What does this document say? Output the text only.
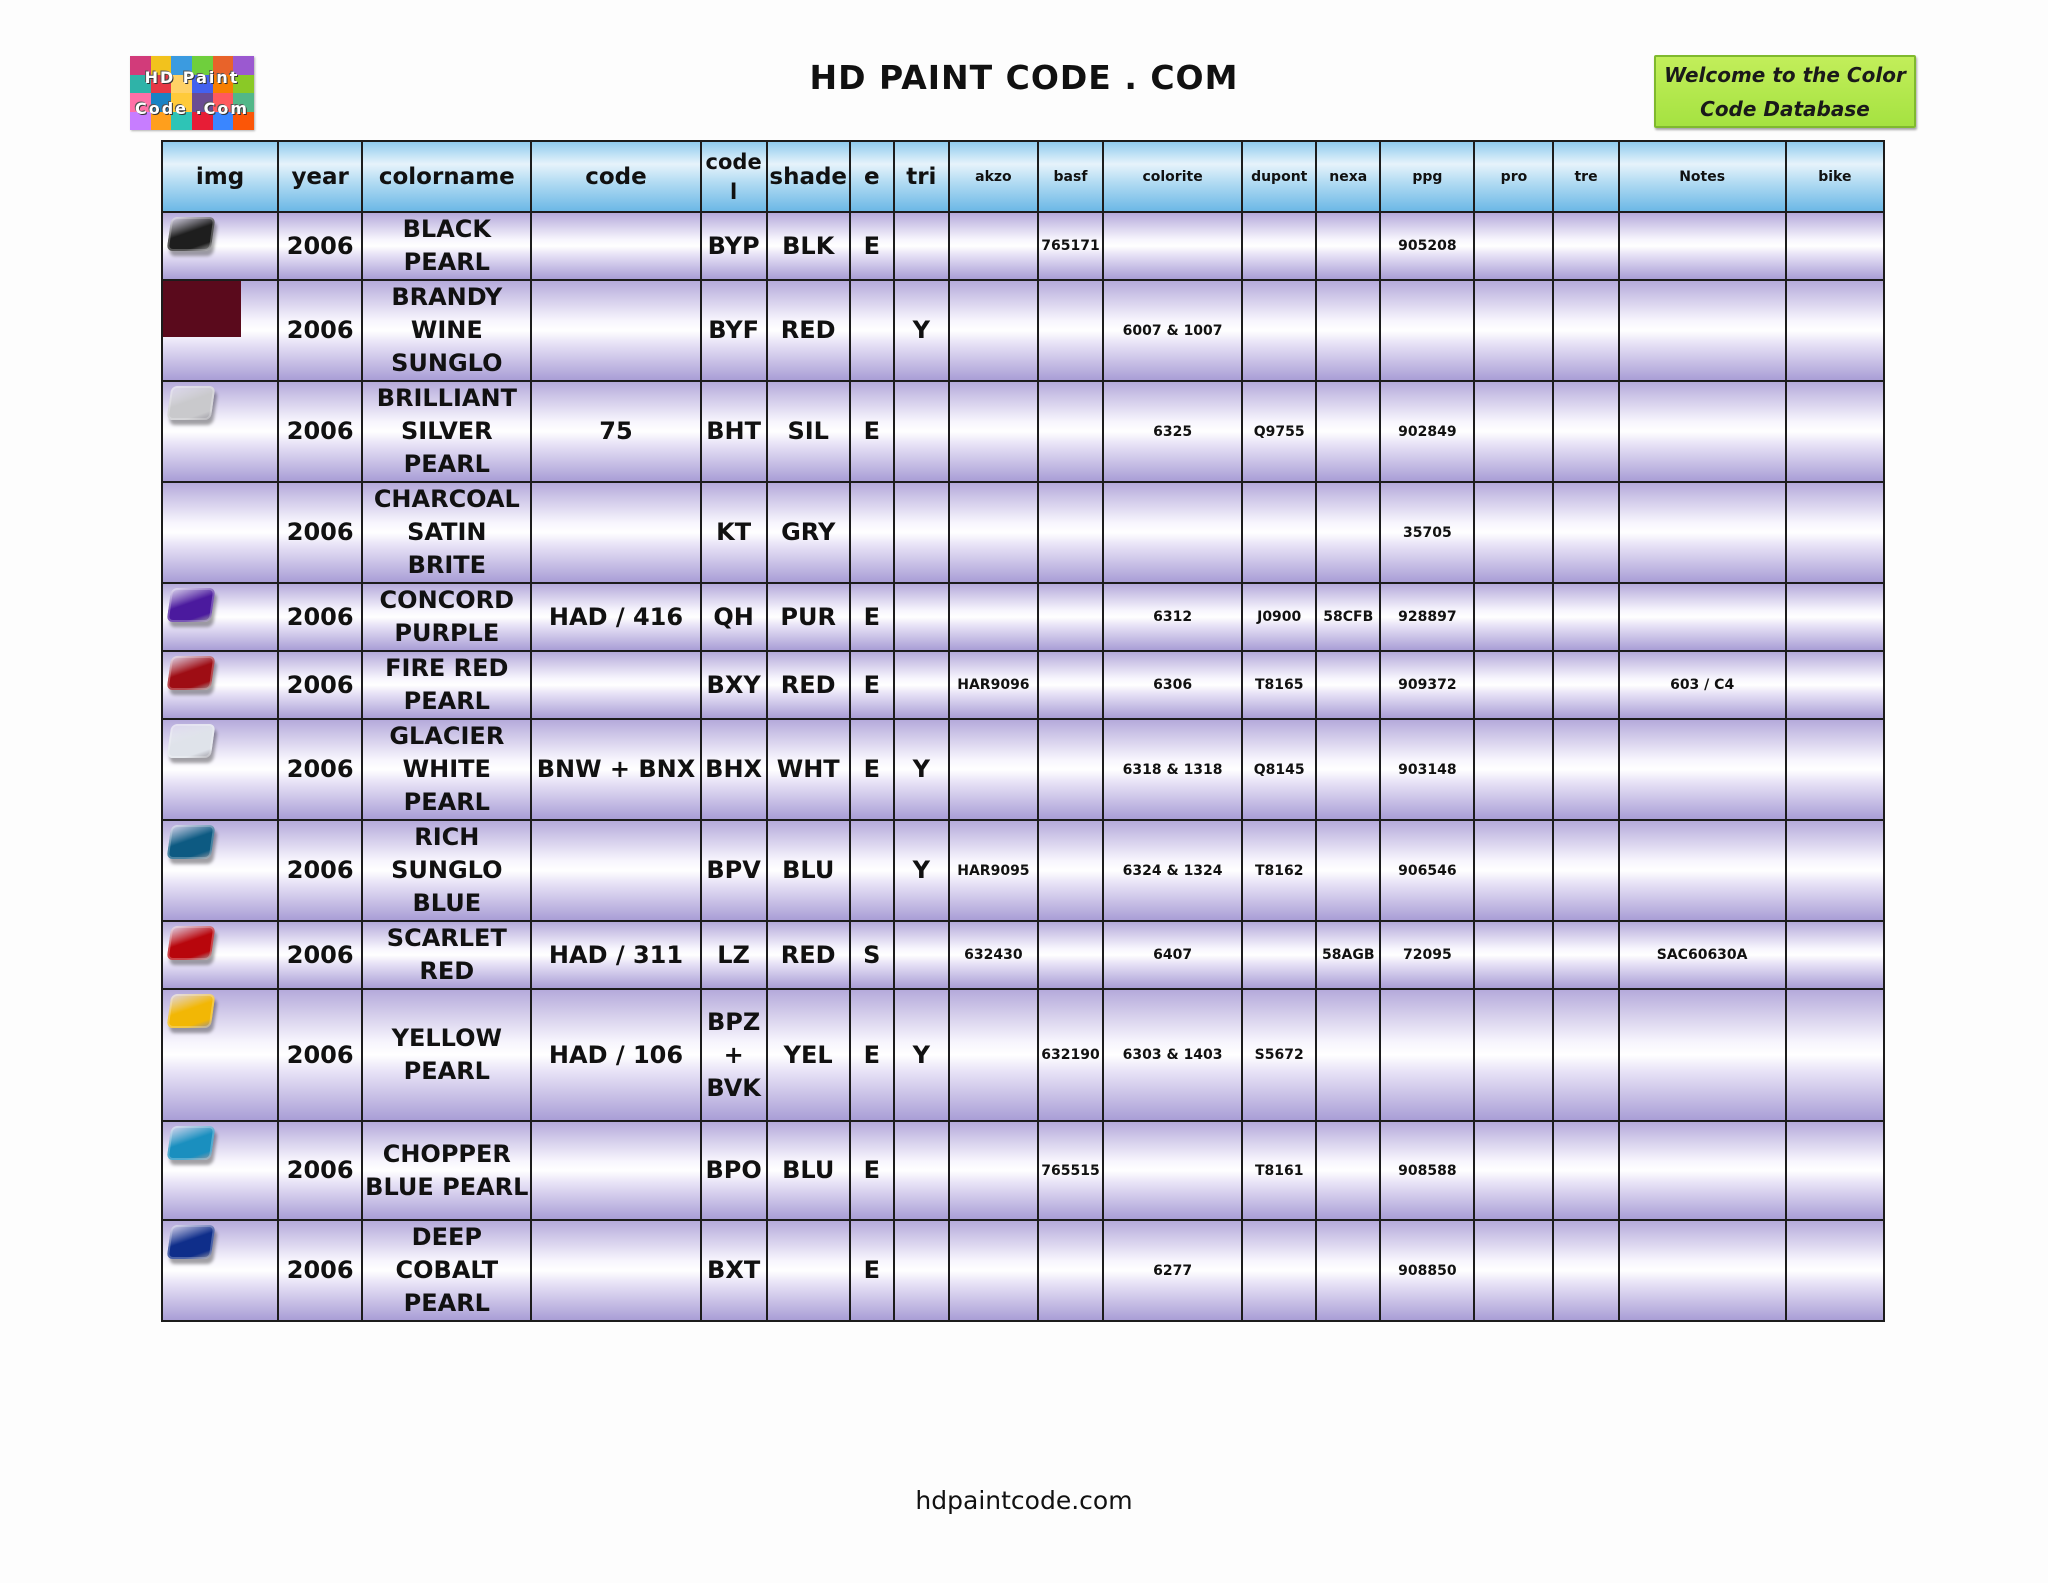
HD Paint
Code .Com
HD PAINT CODE . COM	Welcome to the Color Code Database
img	year	colorname	code	code
l	shade	e	tri	akzo	basf	colorite	dupont	nexa	ppg	pro	tre	Notes	bike

	2006	BLACK
PEARL		BYP	BLK	E			765171				905208				

	2006	BRANDY
WINE
SUNGLO		BYF	RED		Y			6007 & 1007							

	2006	BRILLIANT
SILVER
PEARL	75	BHT	SIL	E				6325	Q9755		902849				
	2006	CHARCOAL
SATIN
BRITE		KT	GRY								35705				

	2006	CONCORD
PURPLE	HAD / 416	QH	PUR	E				6312	J0900	58CFB	928897				

	2006	FIRE RED
PEARL		BXY	RED	E		HAR9096		6306	T8165		909372			603 / C4	

	2006	GLACIER
WHITE
PEARL	BNW + BNX	BHX	WHT	E	Y			6318 & 1318	Q8145		903148				

	2006	RICH
SUNGLO
BLUE		BPV	BLU		Y	HAR9095		6324 & 1324	T8162		906546				

	2006	SCARLET
RED	HAD / 311	LZ	RED	S		632430		6407		58AGB	72095			SAC60630A	

	2006	YELLOW
PEARL	HAD / 106	BPZ
+
BVK	YEL	E	Y		632190	6303 & 1403	S5672						

	2006	CHOPPER
BLUE PEARL		BPO	BLU	E			765515		T8161		908588				

	2006	DEEP
COBALT
PEARL		BXT		E				6277			908850				
hdpaintcode.com
